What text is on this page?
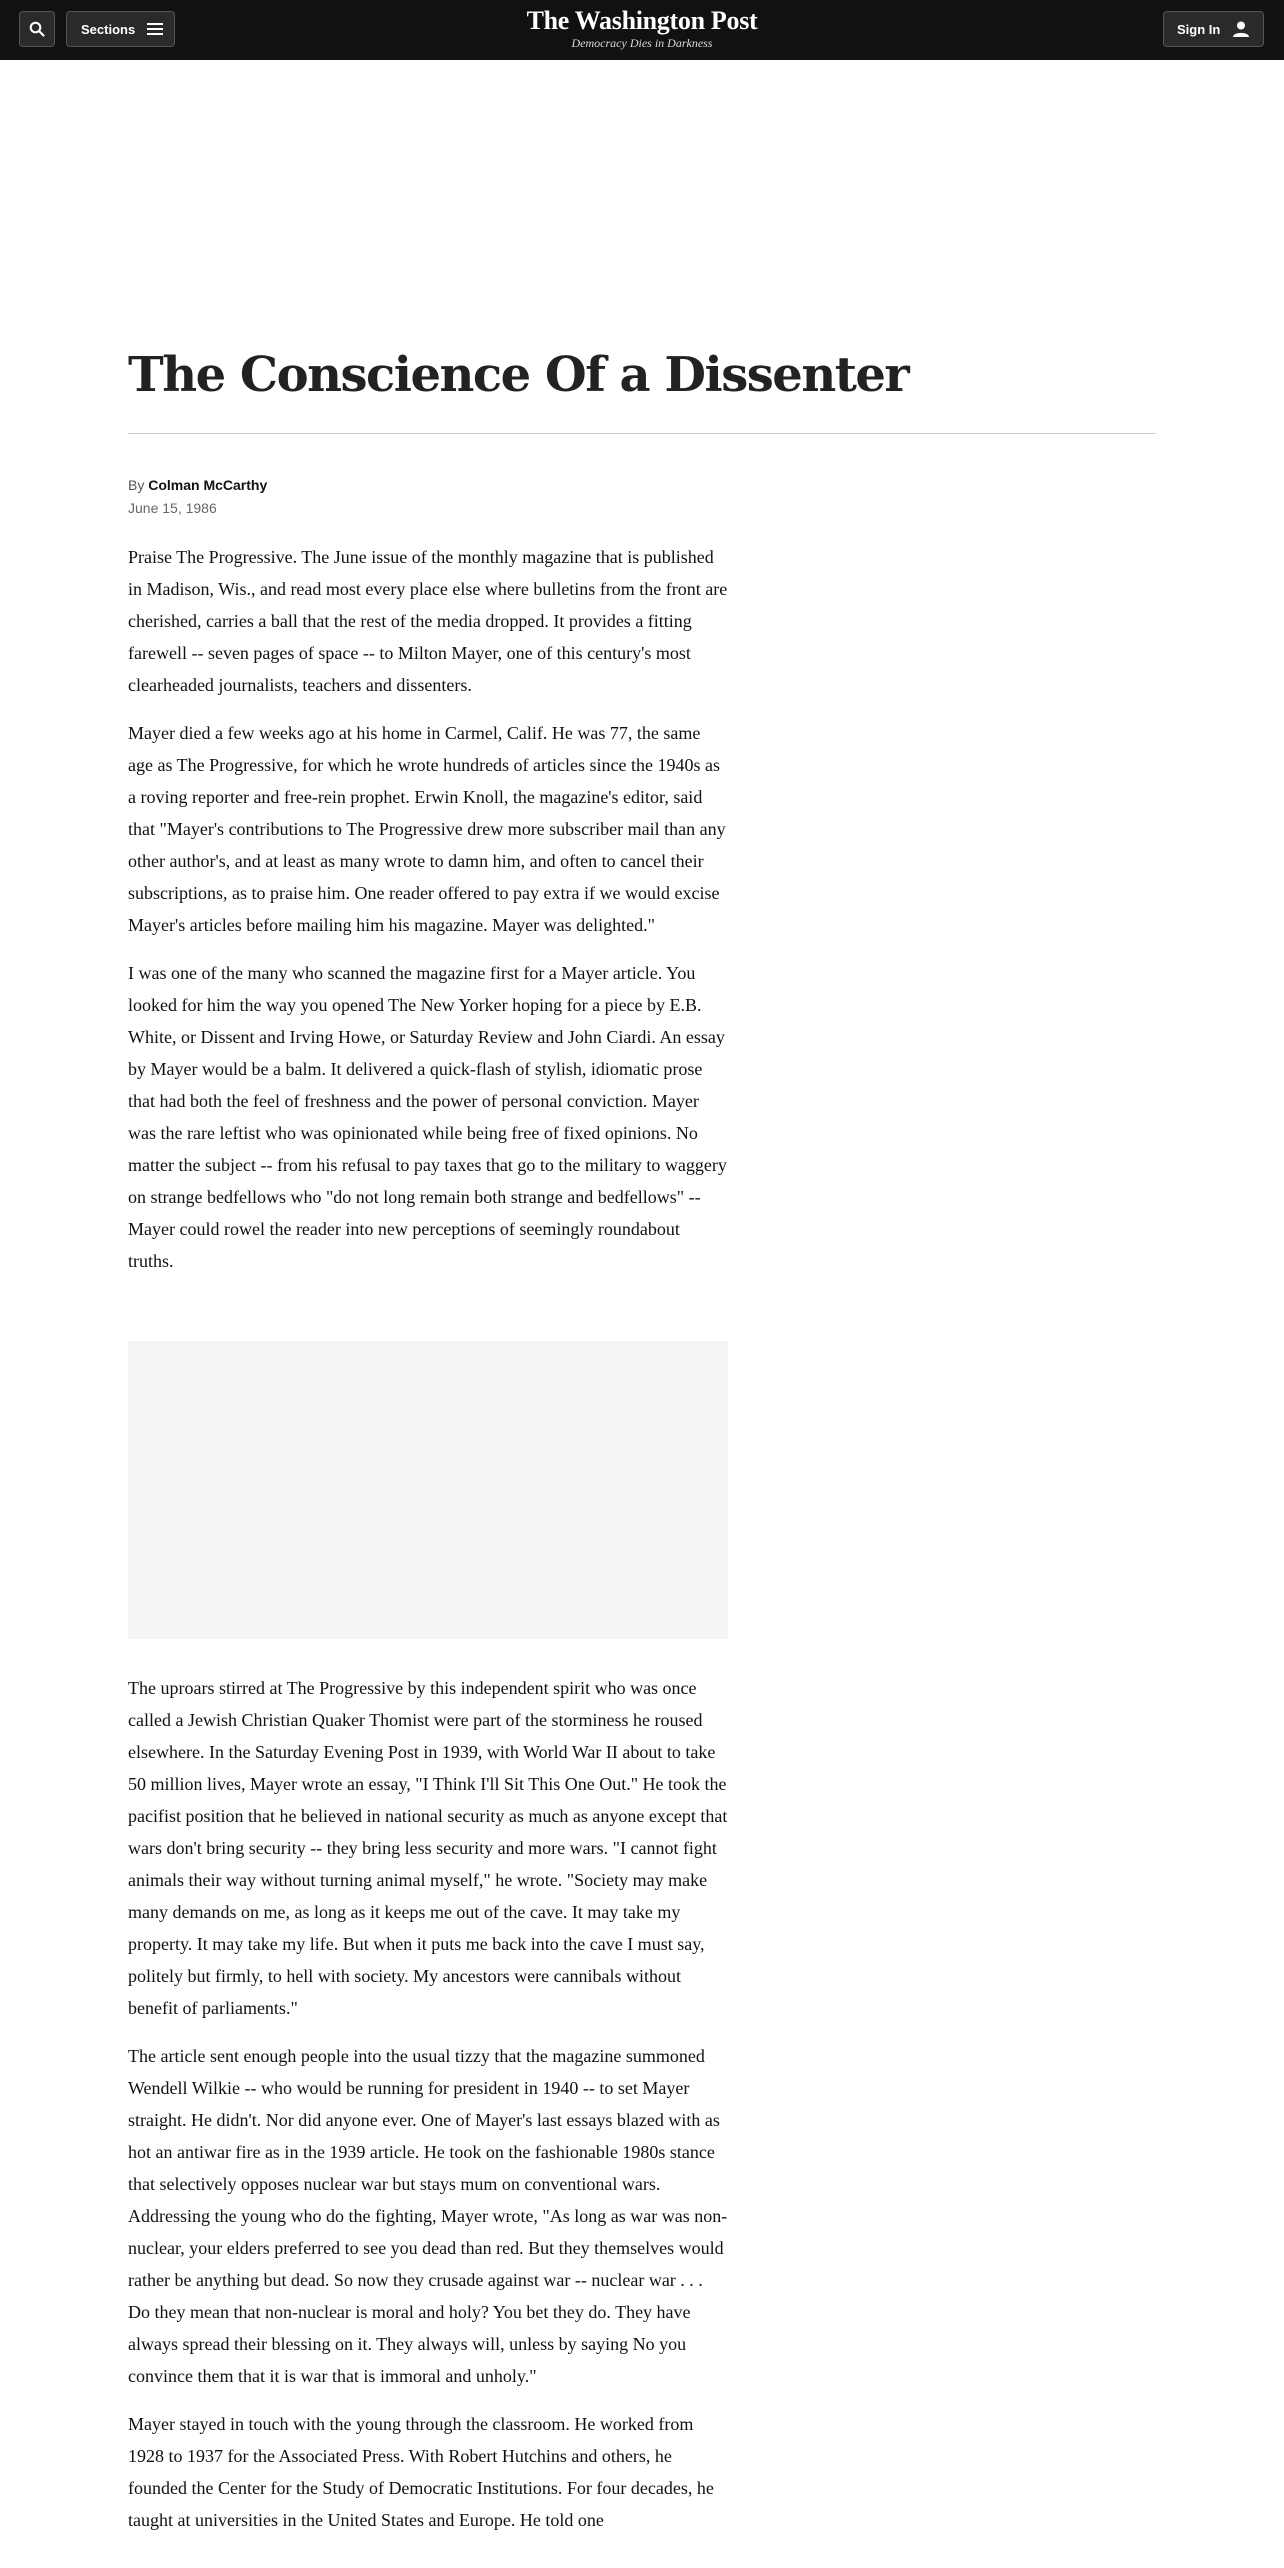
Sections	The Washington Post
Democracy Dies in Darkness
Sign In
The Conscience Of a Dissenter
By Colman McCarthy
June 15, 1986

Praise The Progressive. The June issue of the monthly magazine that is published in Madison, Wis., and read most every place else where bulletins from the front are cherished, carries a ball that the rest of the media dropped. It provides a fitting farewell -- seven pages of space -- to Milton Mayer, one of this century's most clearheaded journalists, teachers and dissenters.

Mayer died a few weeks ago at his home in Carmel, Calif. He was 77, the same age as The Progressive, for which he wrote hundreds of articles since the 1940s as a roving reporter and free-rein prophet. Erwin Knoll, the magazine's editor, said that "Mayer's contributions to The Progressive drew more subscriber mail than any other author's, and at least as many wrote to damn him, and often to cancel their subscriptions, as to praise him. One reader offered to pay extra if we would excise Mayer's articles before mailing him his magazine. Mayer was delighted."

I was one of the many who scanned the magazine first for a Mayer article. You looked for him the way you opened The New Yorker hoping for a piece by E.B. White, or Dissent and Irving Howe, or Saturday Review and John Ciardi. An essay by Mayer would be a balm. It delivered a quick-flash of stylish, idiomatic prose that had both the feel of freshness and the power of personal conviction. Mayer was the rare leftist who was opinionated while being free of fixed opinions. No matter the subject -- from his refusal to pay taxes that go to the military to waggery on strange bedfellows who "do not long remain both strange and bedfellows" -- Mayer could rowel the reader into new perceptions of seemingly roundabout truths.

The uproars stirred at The Progressive by this independent spirit who was once called a Jewish Christian Quaker Thomist were part of the storminess he roused elsewhere. In the Saturday Evening Post in 1939, with World War II about to take 50 million lives, Mayer wrote an essay, "I Think I'll Sit This One Out." He took the pacifist position that he believed in national security as much as anyone except that wars don't bring security -- they bring less security and more wars. "I cannot fight animals their way without turning animal myself," he wrote. "Society may make many demands on me, as long as it keeps me out of the cave. It may take my property. It may take my life. But when it puts me back into the cave I must say, politely but firmly, to hell with society. My ancestors were cannibals without benefit of parliaments."

The article sent enough people into the usual tizzy that the magazine summoned Wendell Wilkie -- who would be running for president in 1940 -- to set Mayer straight. He didn't. Nor did anyone ever. One of Mayer's last essays blazed with as hot an antiwar fire as in the 1939 article. He took on the fashionable 1980s stance that selectively opposes nuclear war but stays mum on conventional wars. Addressing the young who do the fighting, Mayer wrote, "As long as war was non-nuclear, your elders preferred to see you dead than red. But they themselves would rather be anything but dead. So now they crusade against war -- nuclear war . . . Do they mean that non-nuclear is moral and holy? You bet they do. They have always spread their blessing on it. They always will, unless by saying No you convince them that it is war that is immoral and unholy."

Mayer stayed in touch with the young through the classroom. He worked from 1928 to 1937 for the Associated Press. With Robert Hutchins and others, he founded the Center for the Study of Democratic Institutions. For four decades, he taught at universities in the United States and Europe. He told one
